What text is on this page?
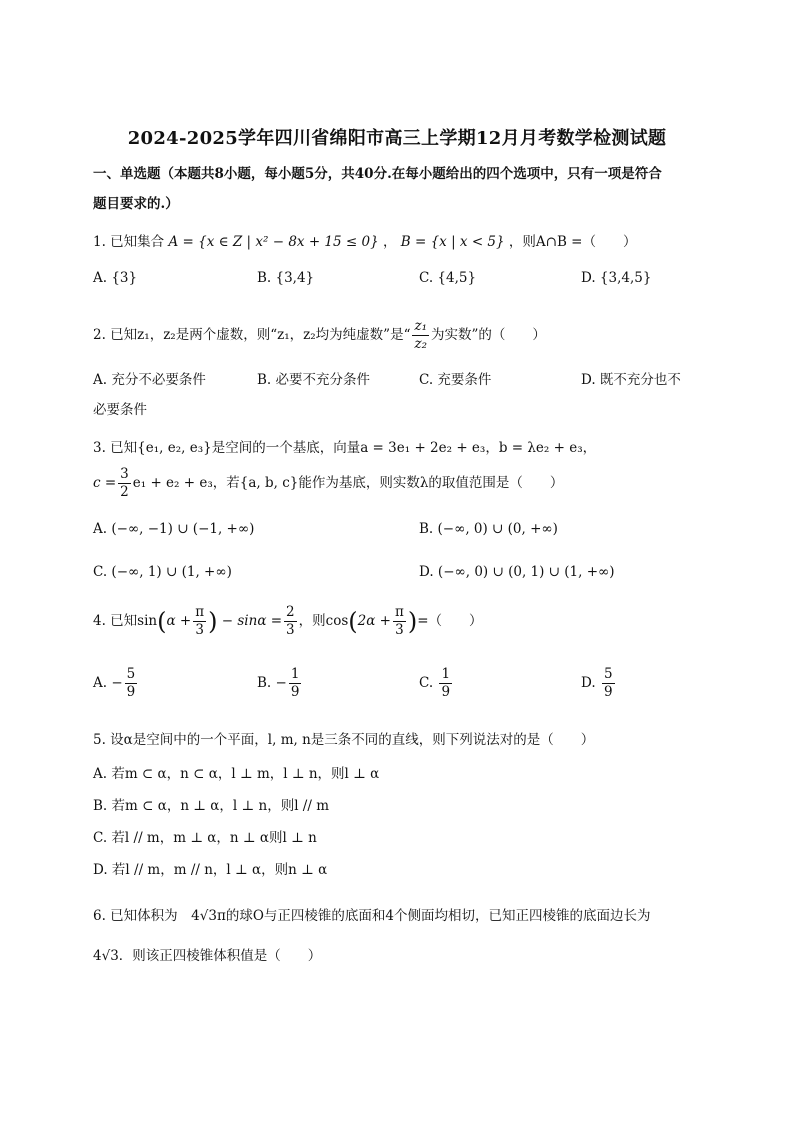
2024-2025学年四川省绵阳市高三上学期12月月考数学检测试题
一、单选题（本题共8小题，每小题5分，共40分.在每小题给出的四个选项中，只有一项是符合
题目要求的.）
1. 已知集合 A = {x ∈ Z | x² − 8x + 15 ≤ 0} ， B = {x | x < 5} ，则A∩B =（　　）
A. {3}	B. {3,4}	C. {4,5}	D. {3,4,5}
2. 已知z₁，z₂是两个虚数，则“z₁，z₂均为纯虚数”是“ $\frac{\text{z₁}}{\text{z₂}}$ 为实数”的（　　）
A. 充分不必要条件	B. 必要不充分条件	C. 充要条件	D. 既不充分也不
必要条件
3. 已知{e₁, e₂, e₃}是空间的一个基底，向量a = 3e₁ + 2e₂ + e₃，b = λe₂ + e₃，
$c = \frac{3}{2} e_1 + e_2 + e_3$，若{a, b, c}能作为基底，则实数λ的取值范围是（　　）
A. (−∞, −1) ∪ (−1, +∞)	B. (−∞, 0) ∪ (0, +∞)
C. (−∞, 1) ∪ (1, +∞)	D. (−∞, 0) ∪ (0, 1) ∪ (1, +∞)
4. 已知$\sin(\alpha + \frac{\pi}{3}$ ) − $\sin\alpha = \frac{2}{3}$ ，则$\cos(2\alpha + \frac{\pi}{3}$ )=（　　）
A. − $\frac{5}{9}$	B. − $\frac{1}{9}$	C. $\frac{1}{9}$	D. $\frac{5}{9}$
5. 设α是空间中的一个平面，l, m, n是三条不同的直线，则下列说法对的是（　　）
A. 若m ⊂ α，n ⊂ α，l ⊥ m，l ⊥ n，则l ⊥ α
B. 若m ⊂ α，n ⊥ α，l ⊥ n，则l // m
C. 若l // m，m ⊥ α，n ⊥ α则l ⊥ n
D. 若l // m，m // n，l ⊥ α，则n ⊥ α
6. 已知体积为　4√3π的球O与正四棱锥的底面和4个侧面均相切，已知正四棱锥的底面边长为
4√3．则该正四棱锥体积值是（　　）
